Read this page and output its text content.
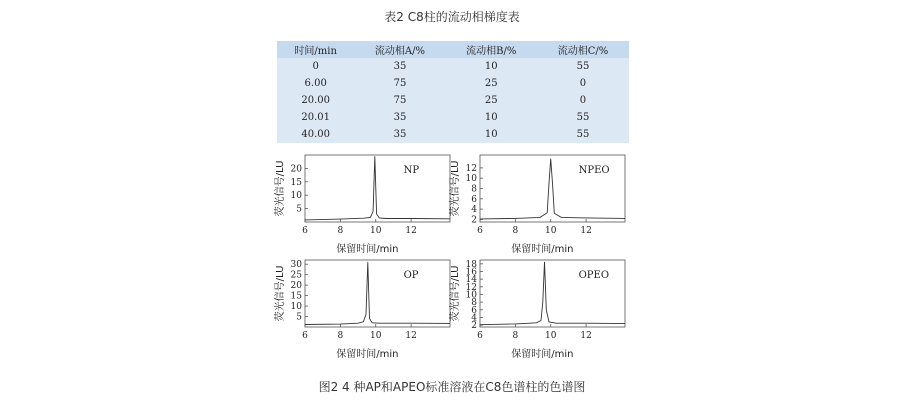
表2 C8柱的流动相梯度表
时间/min	流动相A/%	流动相B/%	流动相C/%
0	35	10	55
6.00	75	25	0
20.00	75	25	0
20.01	35	10	55
40.00	35	10	55
6	8	10	12
5
10
15
20	NP
保留时间/min
荧光信号/LU
6	8	10	12
2
4
6
8
10
12	NPEO
保留时间/min
荧光信号/LU
6	8	10	12
5
10
15
20
25
30
OP
保留时间/min
荧光信号/LU
6	8	10	12
2
4
6
8
10
12
14
16
18
OPEO
保留时间/min
荧光信号/LU
图2 4 种AP和APEO标准溶液在C8色谱柱的色谱图
